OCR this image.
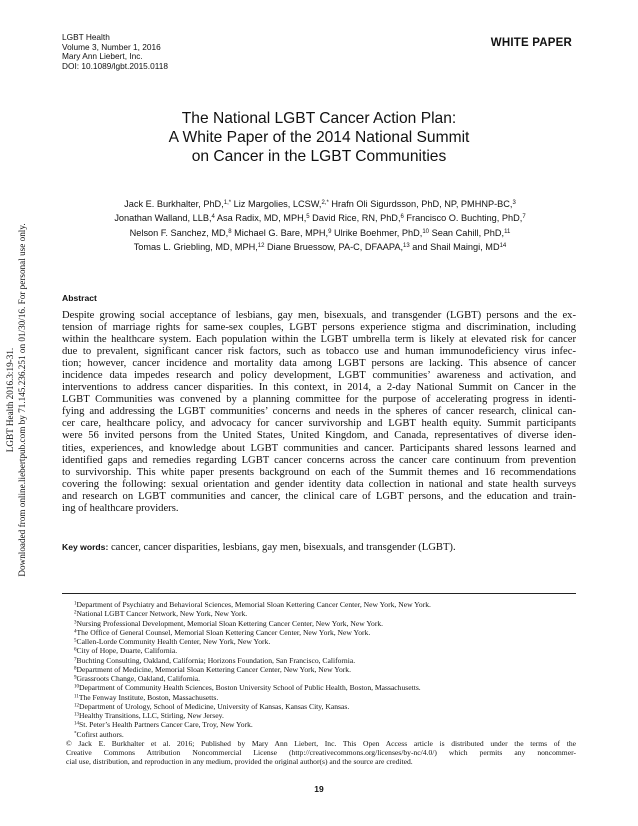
LGBT Health 2016.3:19-31. Downloaded from online.liebertpub.com by 71.145.236.251 on 01/30/16. For personal use only.
LGBT Health
Volume 3, Number 1, 2016
Mary Ann Liebert, Inc.
DOI: 10.1089/lgbt.2015.0118
WHITE PAPER
The National LGBT Cancer Action Plan:
A White Paper of the 2014 National Summit
on Cancer in the LGBT Communities
Jack E. Burkhalter, PhD,$^{1,*}$ Liz Margolies, LCSW,$^{2,*}$ Hrafn Oli Sigurdsson, PhD, NP, PMHNP-BC,$^3$
Jonathan Walland, LLB,$^4$ Asa Radix, MD, MPH,$^5$ David Rice, RN, PhD,$^6$ Francisco O. Buchting, PhD,$^7$
Nelson F. Sanchez, MD,$^8$ Michael G. Bare, MPH,$^9$ Ulrike Boehmer, PhD,$^{10}$ Sean Cahill, PhD,$^{11}$
Tomas L. Griebling, MD, MPH,$^{12}$ Diane Bruessow, PA-C, DFAAPA,$^{13}$ and Shail Maingi, MD$^{14}$
Abstract
Despite growing social acceptance of lesbians, gay men, bisexuals, and transgender (LGBT) persons and the ex-
tension of marriage rights for same-sex couples, LGBT persons experience stigma and discrimination, including
within the healthcare system. Each population within the LGBT umbrella term is likely at elevated risk for cancer
due to prevalent, significant cancer risk factors, such as tobacco use and human immunodeficiency virus infec-
tion; however, cancer incidence and mortality data among LGBT persons are lacking. This absence of cancer
incidence data impedes research and policy development, LGBT communities’ awareness and activation, and
interventions to address cancer disparities. In this context, in 2014, a 2-day National Summit on Cancer in the
LGBT Communities was convened by a planning committee for the purpose of accelerating progress in identi-
fying and addressing the LGBT communities’ concerns and needs in the spheres of cancer research, clinical can-
cer care, healthcare policy, and advocacy for cancer survivorship and LGBT health equity. Summit participants
were 56 invited persons from the United States, United Kingdom, and Canada, representatives of diverse iden-
tities, experiences, and knowledge about LGBT communities and cancer. Participants shared lessons learned and
identified gaps and remedies regarding LGBT cancer concerns across the cancer care continuum from prevention
to survivorship. This white paper presents background on each of the Summit themes and 16 recommendations
covering the following: sexual orientation and gender identity data collection in national and state health surveys
and research on LGBT communities and cancer, the clinical care of LGBT persons, and the education and train-
ing of healthcare providers.
Key words: cancer, cancer disparities, lesbians, gay men, bisexuals, and transgender (LGBT).
$^1$Department of Psychiatry and Behavioral Sciences, Memorial Sloan Kettering Cancer Center, New York, New York.
$^2$National LGBT Cancer Network, New York, New York.
$^3$Nursing Professional Development, Memorial Sloan Kettering Cancer Center, New York, New York.
$^4$The Office of General Counsel, Memorial Sloan Kettering Cancer Center, New York, New York.
$^5$Callen-Lorde Community Health Center, New York, New York.
$^6$City of Hope, Duarte, California.
$^7$Buchting Consulting, Oakland, California; Horizons Foundation, San Francisco, California.
$^8$Department of Medicine, Memorial Sloan Kettering Cancer Center, New York, New York.
$^9$Grassroots Change, Oakland, California.
$^{10}$Department of Community Health Sciences, Boston University School of Public Health, Boston, Massachusetts.
$^{11}$The Fenway Institute, Boston, Massachusetts.
$^{12}$Department of Urology, School of Medicine, University of Kansas, Kansas City, Kansas.
$^{13}$Healthy Transitions, LLC, Stirling, New Jersey.
$^{14}$St. Peter’s Health Partners Cancer Care, Troy, New York.
*Cofirst authors.
© Jack E. Burkhalter et al. 2016; Published by Mary Ann Liebert, Inc. This Open Access article is distributed under the terms of the
Creative Commons Attribution Noncommercial License (http://creativecommons.org/licenses/by-nc/4.0/) which permits any noncommer-
cial use, distribution, and reproduction in any medium, provided the original author(s) and the source are credited.
19
